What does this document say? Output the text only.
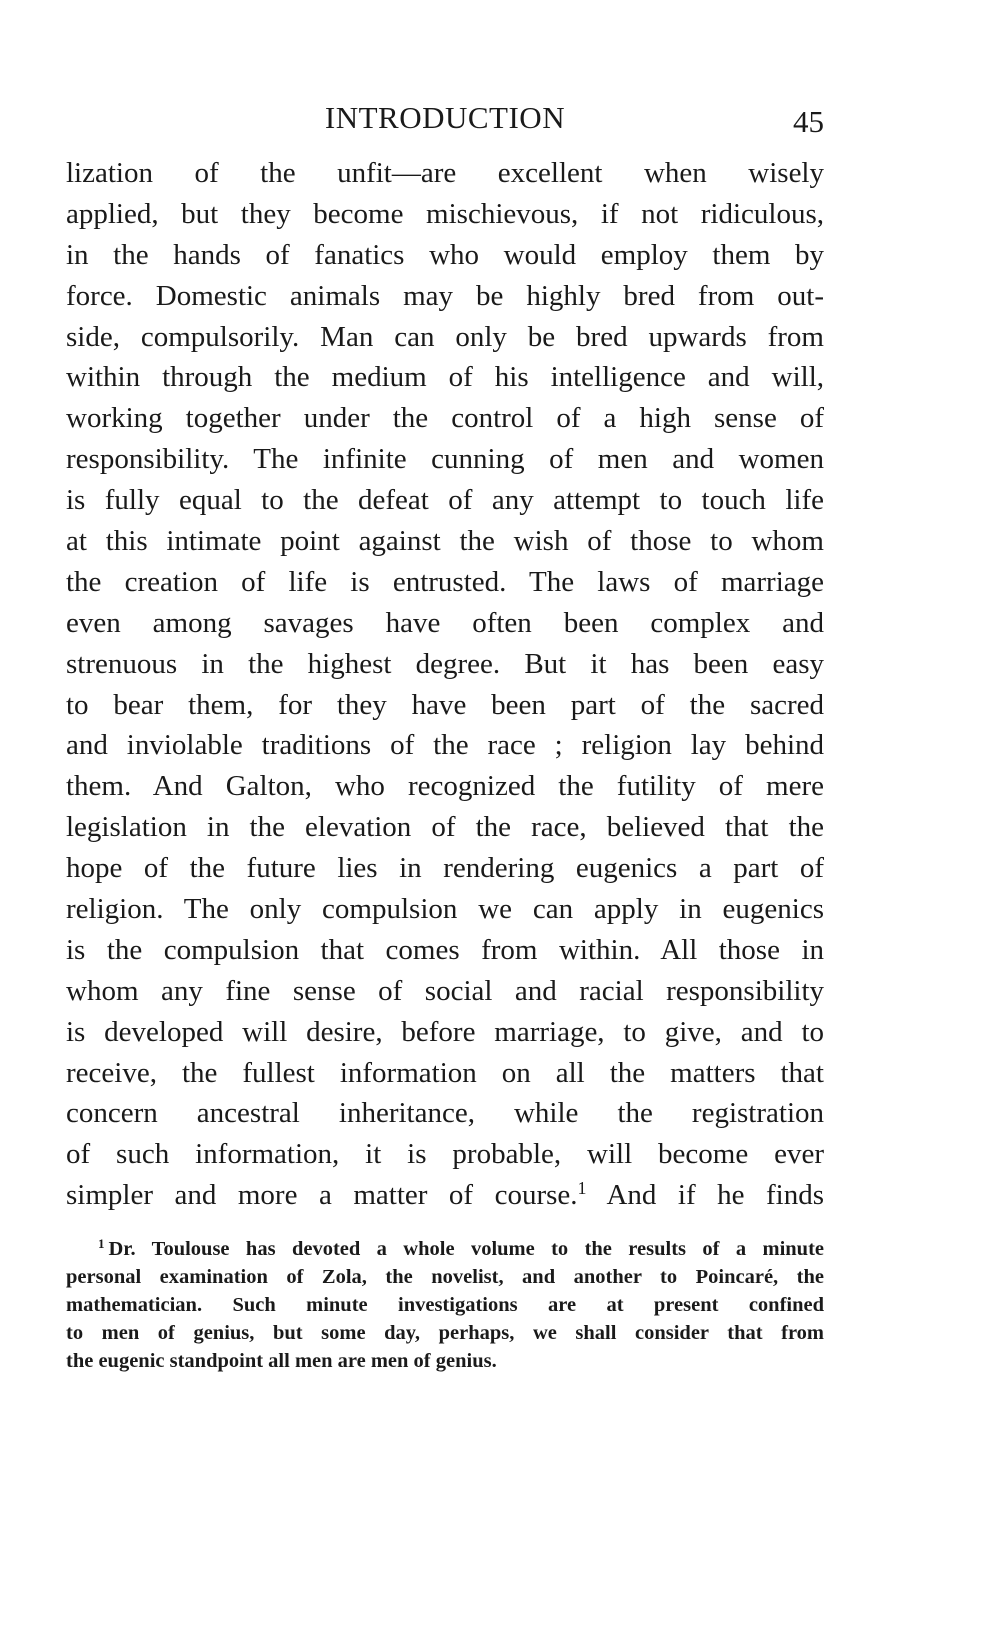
INTRODUCTION	45
lization of the unfit—are excellent when wisely
applied, but they become mischievous, if not ridiculous,
in the hands of fanatics who would employ them by
force. Domestic animals may be highly bred from out-
side, compulsorily. Man can only be bred upwards from
within through the medium of his intelligence and will,
working together under the control of a high sense of
responsibility. The infinite cunning of men and women
is fully equal to the defeat of any attempt to touch life
at this intimate point against the wish of those to whom
the creation of life is entrusted. The laws of marriage
even among savages have often been complex and
strenuous in the highest degree. But it has been easy
to bear them, for they have been part of the sacred
and inviolable traditions of the race ; religion lay behind
them. And Galton, who recognized the futility of mere
legislation in the elevation of the race, believed that the
hope of the future lies in rendering eugenics a part of
religion. The only compulsion we can apply in eugenics
is the compulsion that comes from within. All those in
whom any fine sense of social and racial responsibility
is developed will desire, before marriage, to give, and to
receive, the fullest information on all the matters that
concern ancestral inheritance, while the registration
of such information, it is probable, will become ever
simpler and more a matter of course.$^1$ And if he finds
$^1$ Dr. Toulouse has devoted a whole volume to the results of a minute
personal examination of Zola, the novelist, and another to Poincaré, the
mathematician. Such minute investigations are at present confined
to men of genius, but some day, perhaps, we shall consider that from
the eugenic standpoint all men are men of genius.
